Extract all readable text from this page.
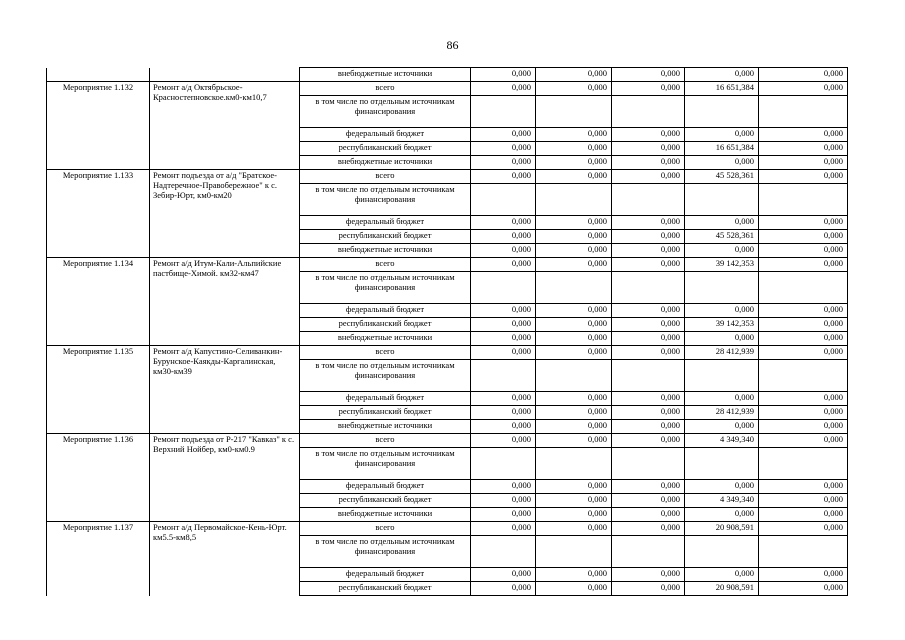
86
		внебюджетные источники	0,000	0,000	0,000	0,000	0,000
Мероприятие 1.132	Ремонт а/д Октябрьское-Красностепновское.км0-км10,7	всего	0,000	0,000	0,000	16 651,384	0,000
		в том числе по отдельным источникам финансирования					
		федеральный бюджет	0,000	0,000	0,000	0,000	0,000
		республиканский бюджет	0,000	0,000	0,000	16 651,384	0,000
		внебюджетные источники	0,000	0,000	0,000	0,000	0,000
Мероприятие 1.133	Ремонт подъезда от а/д "Братское-Надтеречное-Правобережное" к с. Зебир-Юрт, км0-км20	всего	0,000	0,000	0,000	45 528,361	0,000
		в том числе по отдельным источникам финансирования					
		федеральный бюджет	0,000	0,000	0,000	0,000	0,000
		республиканский бюджет	0,000	0,000	0,000	45 528,361	0,000
		внебюджетные источники	0,000	0,000	0,000	0,000	0,000
Мероприятие 1.134	Ремонт а/д Итум-Кали-Альпийские пастбище-Химой. км32-км47	всего	0,000	0,000	0,000	39 142,353	0,000
		в том числе по отдельным источникам финансирования					
		федеральный бюджет	0,000	0,000	0,000	0,000	0,000
		республиканский бюджет	0,000	0,000	0,000	39 142,353	0,000
		внебюджетные источники	0,000	0,000	0,000	0,000	0,000
Мероприятие 1.135	Ремонт а/д Капустино-Селиванкин-Бурунское-Каякды-Каргалинская, км30-км39	всего	0,000	0,000	0,000	28 412,939	0,000
		в том числе по отдельным источникам финансирования					
		федеральный бюджет	0,000	0,000	0,000	0,000	0,000
		республиканский бюджет	0,000	0,000	0,000	28 412,939	0,000
		внебюджетные источники	0,000	0,000	0,000	0,000	0,000
Мероприятие 1.136	Ремонт подъезда от Р-217 "Кавказ" к с. Верхний Нойбер, км0-км0.9	всего	0,000	0,000	0,000	4 349,340	0,000
		в том числе по отдельным источникам финансирования					
		федеральный бюджет	0,000	0,000	0,000	0,000	0,000
		республиканский бюджет	0,000	0,000	0,000	4 349,340	0,000
		внебюджетные источники	0,000	0,000	0,000	0,000	0,000
Мероприятие 1.137	Ремонт а/д Первомайское-Кень-Юрт. км5.5-км8,5	всего	0,000	0,000	0,000	20 908,591	0,000
		в том числе по отдельным источникам финансирования					
		федеральный бюджет	0,000	0,000	0,000	0,000	0,000
		республиканский бюджет	0,000	0,000	0,000	20 908,591	0,000
